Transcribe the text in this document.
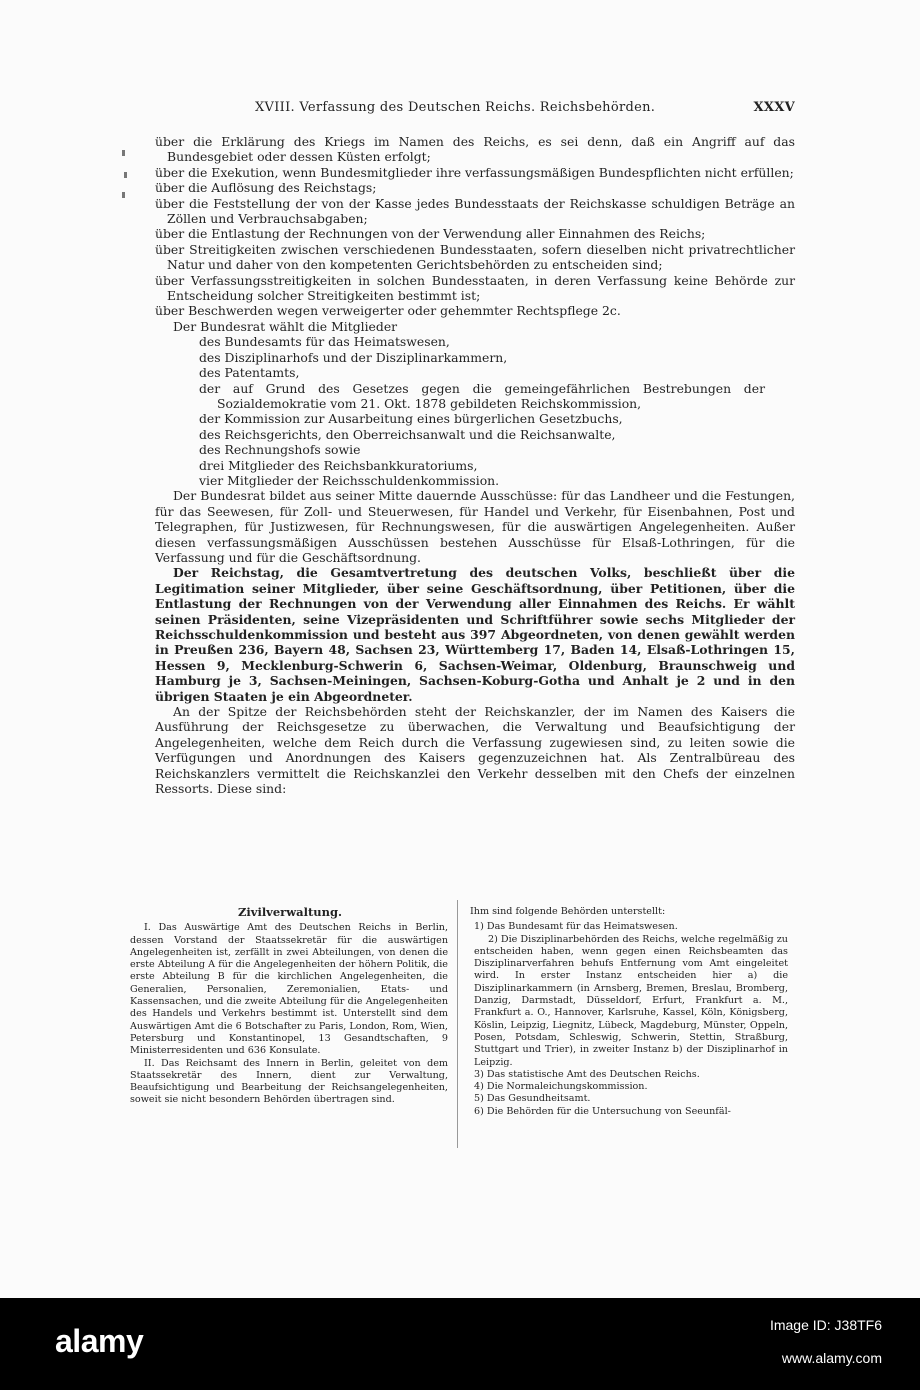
XVIII. Verfassung des Deutschen Reichs. Reichsbehörden.	XXXV

über die Erklärung des Kriegs im Namen des Reichs, es sei denn, daß ein Angriff auf das Bundesgebiet oder dessen Küsten erfolgt;

über die Exekution, wenn Bundesmitglieder ihre verfassungsmäßigen Bundespflichten nicht erfüllen;

über die Auflösung des Reichstags;

über die Feststellung der von der Kasse jedes Bundesstaats der Reichskasse schuldigen Beträge an Zöllen und Verbrauchsabgaben;

über die Entlastung der Rechnungen von der Verwendung aller Einnahmen des Reichs;

über Streitigkeiten zwischen verschiedenen Bundesstaaten, sofern dieselben nicht privatrechtlicher Natur und daher von den kompetenten Gerichtsbehörden zu entscheiden sind;

über Verfassungsstreitigkeiten in solchen Bundesstaaten, in deren Verfassung keine Behörde zur Entscheidung solcher Streitigkeiten bestimmt ist;

über Beschwerden wegen verweigerter oder gehemmter Rechtspflege 2c.

Der Bundesrat wählt die Mitglieder

des Bundesamts für das Heimatswesen,

des Disziplinarhofs und der Disziplinarkammern,

des Patentamts,

der auf Grund des Gesetzes gegen die gemeingefährlichen Bestrebungen der Sozialdemokratie vom 21. Okt. 1878 gebildeten Reichskommission,

der Kommission zur Ausarbeitung eines bürgerlichen Gesetzbuchs,

des Reichsgerichts, den Oberreichsanwalt und die Reichsanwalte,

des Rechnungshofs sowie

drei Mitglieder des Reichsbankkuratoriums,

vier Mitglieder der Reichsschuldenkommission.

Der Bundesrat bildet aus seiner Mitte dauernde Ausschüsse: für das Landheer und die Festungen, für das Seewesen, für Zoll- und Steuerwesen, für Handel und Verkehr, für Eisenbahnen, Post und Telegraphen, für Justizwesen, für Rechnungswesen, für die auswärtigen Angelegenheiten. Außer diesen verfassungsmäßigen Ausschüssen bestehen Ausschüsse für Elsaß-Lothringen, für die Verfassung und für die Geschäftsordnung.

Der Reichstag, die Gesamtvertretung des deutschen Volks, beschließt über die Legitimation seiner Mitglieder, über seine Geschäftsordnung, über Petitionen, über die Entlastung der Rechnungen von der Verwendung aller Einnahmen des Reichs. Er wählt seinen Präsidenten, seine Vizepräsidenten und Schriftführer sowie sechs Mitglieder der Reichsschuldenkommission und besteht aus 397 Abgeordneten, von denen gewählt werden in Preußen 236, Bayern 48, Sachsen 23, Württemberg 17, Baden 14, Elsaß-Lothringen 15, Hessen 9, Mecklenburg-Schwerin 6, Sachsen-Weimar, Oldenburg, Braunschweig und Hamburg je 3, Sachsen-Meiningen, Sachsen-Koburg-Gotha und Anhalt je 2 und in den übrigen Staaten je ein Abgeordneter.

An der Spitze der Reichsbehörden steht der Reichskanzler, der im Namen des Kaisers die Ausführung der Reichsgesetze zu überwachen, die Verwaltung und Beaufsichtigung der Angelegenheiten, welche dem Reich durch die Verfassung zugewiesen sind, zu leiten sowie die Verfügungen und Anordnungen des Kaisers gegenzuzeichnen hat. Als Zentralbüreau des Reichskanzlers vermittelt die Reichskanzlei den Verkehr desselben mit den Chefs der einzelnen Ressorts. Diese sind:

Zivilverwaltung.

I. Das Auswärtige Amt des Deutschen Reichs in Berlin, dessen Vorstand der Staatssekretär für die auswärtigen Angelegenheiten ist, zerfällt in zwei Abteilungen, von denen die erste Abteilung A für die Angelegenheiten der höhern Politik, die erste Abteilung B für die kirchlichen Angelegenheiten, die Generalien, Personalien, Zeremonialien, Etats- und Kassensachen, und die zweite Abteilung für die Angelegenheiten des Handels und Verkehrs bestimmt ist. Unterstellt sind dem Auswärtigen Amt die 6 Botschafter zu Paris, London, Rom, Wien, Petersburg und Konstantinopel, 13 Gesandtschaften, 9 Ministerresidenten und 636 Konsulate.

II. Das Reichsamt des Innern in Berlin, geleitet von dem Staatssekretär des Innern, dient zur Verwaltung, Beaufsichtigung und Bearbeitung der Reichsangelegenheiten, soweit sie nicht besondern Behörden übertragen sind.

Ihm sind folgende Behörden unterstellt:

1) Das Bundesamt für das Heimatswesen.

2) Die Disziplinarbehörden des Reichs, welche regelmäßig zu entscheiden haben, wenn gegen einen Reichsbeamten das Disziplinarverfahren behufs Entfernung vom Amt eingeleitet wird. In erster Instanz entscheiden hier a) die Disziplinarkammern (in Arnsberg, Bremen, Breslau, Bromberg, Danzig, Darmstadt, Düsseldorf, Erfurt, Frankfurt a. M., Frankfurt a. O., Hannover, Karlsruhe, Kassel, Köln, Königsberg, Köslin, Leipzig, Liegnitz, Lübeck, Magdeburg, Münster, Oppeln, Posen, Potsdam, Schleswig, Schwerin, Stettin, Straßburg, Stuttgart und Trier), in zweiter Instanz b) der Disziplinarhof in Leipzig.

3) Das statistische Amt des Deutschen Reichs.

4) Die Normaleichungskommission.

5) Das Gesundheitsamt.

6) Die Behörden für die Untersuchung von Seeunfäl-

alamy	Image ID: J38TF6
www.alamy.com
